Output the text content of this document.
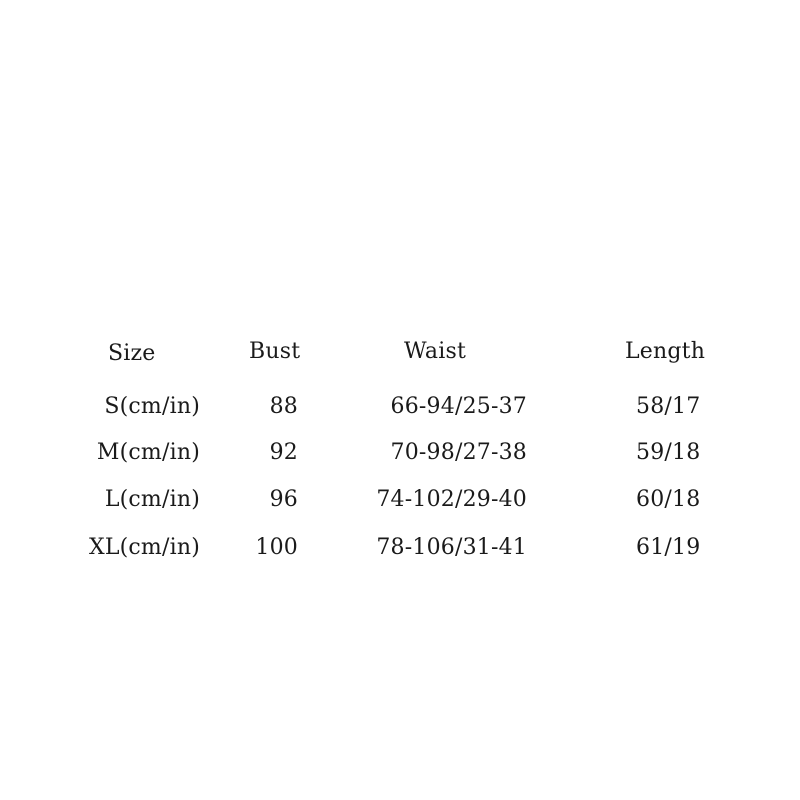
Size	Bust	Waist	Length
S(cm/in)	88	66-94/25-37	58/17
M(cm/in)	92	70-98/27-38	59/18
L(cm/in)	96	74-102/29-40	60/18
XL(cm/in)	100	78-106/31-41	61/19
